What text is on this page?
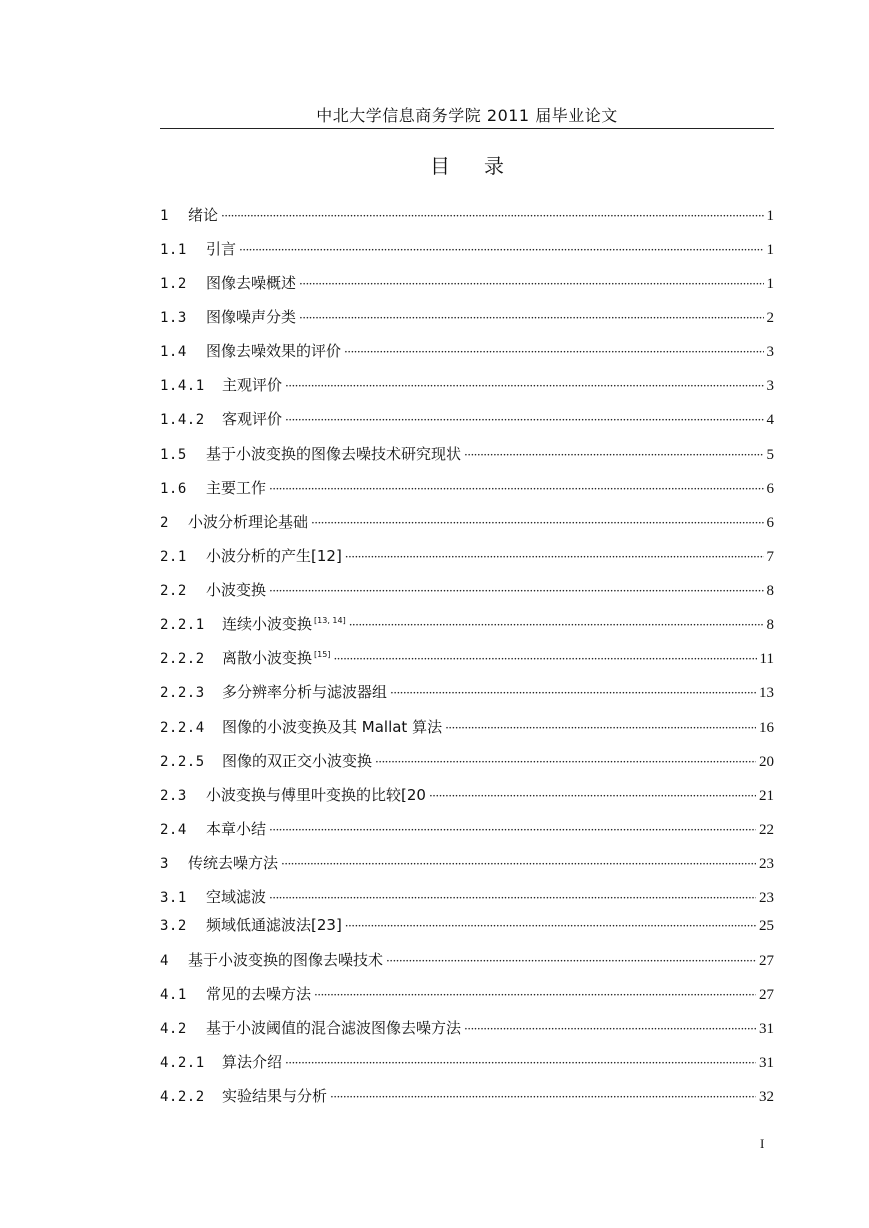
中北大学信息商务学院 2011 届毕业论文
目录
1	绪论 ·····	1
1.1	引言 ·····	1
1.2	图像去噪概述 ·····	1
1.3	图像噪声分类 ·····	2
1.4	图像去噪效果的评价 ·····	3
1.4.1	主观评价 ·····	3
1.4.2	客观评价 ·····	4
1.5	基于小波变换的图像去噪技术研究现状 ·····	5
1.6	主要工作 ·····	6
2	小波分析理论基础 ·····	6
2.1	小波分析的产生[12] ·····	7
2.2	小波变换 ·····	8
2.2.1	连续小波变换 [13, 14] ·····	8
2.2.2	离散小波变换 [15] ·····	11
2.2.3	多分辨率分析与滤波器组 ·····	13
2.2.4	图像的小波变换及其 Mallat 算法 ·····	16
2.2.5	图像的双正交小波变换 ·····	20
2.3	小波变换与傅里叶变换的比较[20 ·····	21
2.4	本章小结 ·····	22
3	传统去噪方法 ·····	23
3.1	空域滤波 ·····	23
3.2	频域低通滤波法[23] ·····	25
4	基于小波变换的图像去噪技术 ·····	27
4.1	常见的去噪方法 ·····	27
4.2	基于小波阈值的混合滤波图像去噪方法 ·····	31
4.2.1	算法介绍 ·····	31
4.2.2	实验结果与分析 ·····	32
I
